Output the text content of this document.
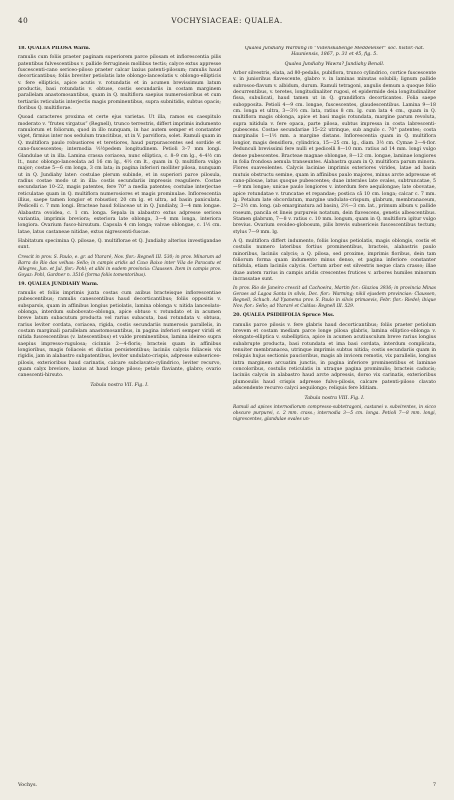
40	VOCHYSIACEAE: QUALEA.

18. QUALEA PILOSA Warm.

ramulis cum foliis praeter paginam superiorem parce pilosam et inflorescentia pilis patentibus fulvescentibus v. pallide ferrugineis mollibus tectis; calyce extus appresse fuscescenti-cano sericeo-piloso praeter calcar laxius patenti-pilosum; ramulis haud decorticantibus; foliis breviter petiolatis late oblongo-lanceolatis v. oblongo-ellipticis v. fere ellipticis, apice acutis v. rotundatis et in acumen brevissimum latum productis, basi rotundatis v. obtuse, costis secundariis in costam marginem parallelam anastomosantibus, quam in Q. multiflora saepius numerosioribus et cum tertiariis reticulatis interjectis magis prominentibus, supra subnitidis, subtus opacis; floribus Q. multiflorae.

Quoad caracteres proxima et certe ejus varietas. Ut illa, ramos ex caespitulo moderato v. “frutex virgatus” (Regnell), trunco terrestris, differt imprimis indumento ramulorum et foliorum, quod in illo nunquam, in hac autem semper et constanter viget, firmius inter nos sedulum trancitibus, ut in V. parviflora, solet. Ramuli quam in Q. multiflora paulo robustiores et teretiores, haud purpurascentes sed sordide et cano-fuscescentes; internodia ½½pedem longitudinem. Petioli 3–7 mm longi. Glandulae ut in illa. Lamina crassa coriacea, nunc elliptica, c. 8–9 cm lg., 4–4½ cm lt., nunc oblongo-lanceolata ad 16 cm lg., 4½ cm lt., quam in Q. multiflora vulgo major; costae 5—6 cm longa, 3 cm lata; in pagina inferiori molliter pilosa, nunquam ut in Q. Jundiahy later: costulae plerum subinde, et in superiori parce pilosula, radius costae modo ut in illa: costis secundariis impressis reaguliere. Costae secundariae 10–22, magis patentes, fere 70° a media patentes; costulae interjectae reticulatae quam in Q. multiflora numerosiores et magis prominulae. Inflorescentia illius, saepe tamen longior et robustior, 20 cm lg. et ultra, ad basin paniculata. Pedicelli c. 7 mm longi. Bracteae haud foliaceae ut in Q. Jundiahy, 3—4 mm longae. Alabastra ovoidea, c. 1 cm. longa. Sepala in alabastro extus adpresse sericea variantia, imprimis breviora; exteriora late oblonga, 3—4 mm longa, interiora longiora. Ovarium fusco-hirsutum. Capsula 4 cm longa; valvae oblongae, c. 1½ cm. latae, latus castaneae nitidae, extus nigrescenti-fuscae.

Habitatum specimina Q. pilosae, Q. multiflorae et Q. Jundiahy alterius investigandae sunt.

Crescit in prov. S. Paulo, e. gr. ad Ytararé, Nov. flor.: Regnell III. 530; in prov. Minarum ad Barra do Rio das velhas: Sello; in campis aridis ad Caxo Baixo inter Vila de Paracatu et Allegres, Jun. et Jul. flor.: Pohl; et alibi in eadem provincia: Claussen. Item in campis prov. Goyaz: Pohl, Gardner n. 3516 (forma foliis tomentoribus).

19. QUALEA JUNDIAHY Warm.

ramulis et foliis imprimis juxta costas cum axibus bracteisque inflorescentiae pubescentibus; ramulis canescentibus haud decorticantibus; foliis oppositis v. subsparsis, quam in affinibus longius petiolatis, lamina oblonga v. nitida lanceolato-oblonga, interdum subobovato-oblonga, apice obtuso v. rotundato et in acumen breve latum subacutum producta vel rarius subacuta, basi rotundata v. obtusa, rarius leviter cordata, coriacea, rigida, costis secundariis numerosis parallelis, in costam marginali parallelam anastomosantibus, in pagina inferiori semper viridi et nitida fuscescentibus (v. latescentibus) et valde prominentibus, lamina ideireo supra saepius impresso-rugulosa; cicinnis 2—4-floris; bracteis quam in affinibus longioribus, magis foliaceis et diutius persistentibus; laciniis calycis foliaceis vix rigidis, jam in alabastro subpatentibus, leviter undulato-crispis, adpresse subsericeo-pilosis, exterioribus haud carinatis, calcare subclavato-cylindrico, leviter recurvo, quam calyx breviore, laxius at haud longe piloso; petalo flaviante, glabro; ovario canescenti-hirsuto.

Tabula nostra VII. Fig. I.

Vochys.

Qualea Jundiahy Warming in “Videnskabelige Meddelelser” soc. histor.-nat. Hauniensis, 1867, p. 31 et 45, fig. 5.

Qualea Jundiahy Wawra? Jundiahy Benall.

Arbor silvestris, elata, ad 80-pedalis, pubiflora, trunco cylindrico, cortice fuscescente v. in juniorihus flavescente, glabro v. in laminas minutas solubili; lignum pallide subrosoo-flavum v. albidum, durum. Ramuli tetragoni, angulis demum a quoque folio decurrentibus, v. teretes, longitudinaliter rugosi, et epidermide deia longitudinaliter fissa, subulicati, haud tamen ut in Q. grandiflora decorticantes. Folia saepe subopposita. Petioli 4—9 cm. longae, fuscescentes, glaudescentibus. Lamina 9—18 cm. longa et ultra, 3—3½ cm. lata, ratius 8 cm. lg. cum lata 4 cm., quam in Q. multiflora magis oblonga, apice et basi magis rotundata, margine parum revoluta, supra nitidula v. fere opaca, parte pilosa, subtus impressa in costa labrescenti-pubescens. Costae secundariae 15–22 utrinque, sub angulo c. 70° patentes; costa marginalis 1—1½ mm. a margine distans. Inflorescentia quam in Q. multiflora longior, magis densiflora, cylindrica, 15—25 cm. lg., diam. 3½ cm. Cymae 2—4-flor. Pedunculi brevissimi fere nulli et pedicelli 8—10 mm. ratius ad 14 mm. longi vulgo dense pubescentes. Bracteae magnae oblongae, 8—12 cm. longae, laminae longiores in folia frondosa aemula transeuntes. Alabastra quam in Q. multiflora parum minora. Flores suaveolentes. Calycis laciniae imprimis exteriores virides, latae ad basin mutuis obstructu semine, quam in affinibus paulo majores, minus arcte adpressae et cano-pilosae, latus quoque pubescentes; duae interales late ovales, subtruncatae, 5—9 mm longae; unicae paulo longiores v. interdum fere aequilongae; late obovatae, apice rotundatae v. truncatae et repandae; postica cā 10 cm. longa; calcar c. 7 mm. lg. Petalum late obcordatum, margine undulato-crispum, glabrum, membranaceum, 2—2½ cm. long. (ab emarginatura ad basin), 2½—3 cm. lat., primum album v. pallide roseum, pancila et lineis purpureis notatum, dein flavescens, genetis albescentibus. Stamen glabrum, 7—8 v. ratius c. 10 mm. longum, quam in Q. multiflora igitur vulgo brevius. Ovarium ovoideo-globosum, pilis brevis subsericeis fuscescentibus tectum; stylus 7—9 mm. lg.

A Q. multiflora differt indumento, foliis longius petiolatis, magis oblongis, costis et costulis numero lateribus fortius prominentibus, bracteis, alabastris paulo minoribus, laciniis calycis; a Q. pilosa, sed proxime, imprimis floribus, dein tam foliorum forma quam indumento minus denso, et pagina inferiore constanter nitidula, etiam laciniis calycis. Certum arbor est silvestris neque clara crasso; illae duae autem rarius in campis aridis crescentes frutices v. arbores humiles minorum incrassatae sunt.

In prov. Rio de Janeiro crescit ad Cachoeira, Martin for.: Glaziou 3936; in provincia Minas Geraes ad Lagoa Santa in silvis, Dec. flor.: Warming; nikil ejusdem provinciae: Claussen, Regnell, Schuch. Ad Ypanema prov. S. Paulo in silvis primaevis, Febr. flor.: Riedel; ibique Nov. flor.: Sello; ad Ytararé et Caldas: Regnell III. 529.

20. QUALEA PSIDIIFOLIA Spruce Mss.

ramulis parce pilosis v. fere glabris haud decorticantibus; foliis praeter petiolum brevem et costam mediam parce longe pilosa glabris, lamina elliptico-oblonga v. elongato-elliptica v. subelliptica, apice in acumen acutiusculum breve rarius longius subabrupte producta, basi rotundata et ima basi cordata, interdum complicata, tenuiter membranacea, utrinque imprimis subtus nitida; costis secundariis quam in reliquis hujus sectionis paucioribus, magis ab invicem remotis, vix parallelis, longius intra marginem arcuatim junctis, in pagina inferiore prominentibus et laminae concoloribus, costulis reticulatis in utraque pagina prominulis; bracteis caducis; laciniis calycis in alabastro haud arcte adpressis, dorso vix carinatis, exterioribus plumosulis haud crispis adpresse fulvo-pilosis, calcare patenti-piloso clavato adscendente recurvo calyci aequilongo; reliquis fere Iditiam.

Tabula nostra VIII. Fig. I.

Ramuli ad apices internodiorum compresso-subtetragoni, castanei v. subvirentes, in sicco obscure purpurei, c. 2 mm. crass.; internodia 3—5 cm. longa. Petioli 7—8 mm. longi, nigrescentes, glandulae ovales un-

7
